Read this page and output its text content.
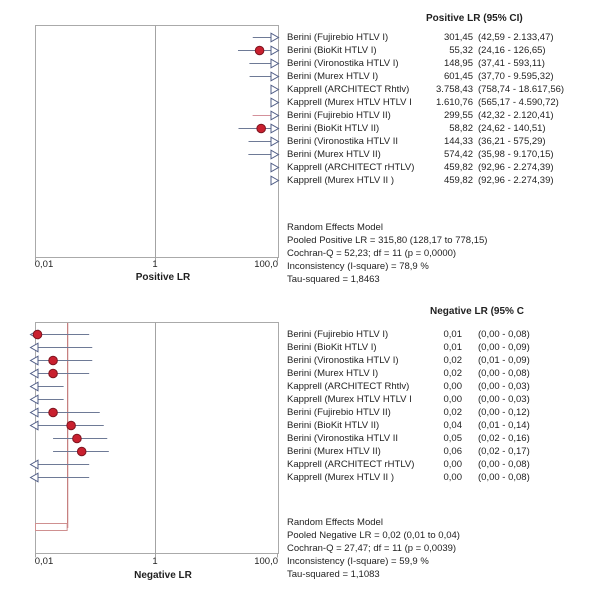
Positive LR (95% CI)
Berini (Fujirebio HTLV I)	301,45 (42,59 - 2.133,47)
Berini (BioKit HTLV I)	55,32 (24,16 - 126,65)
Berini (Vironostika HTLV I)	148,95 (37,41 - 593,11)
Berini (Murex HTLV I)	601,45 (37,70 - 9.595,32)
Kapprell (ARCHITECT Rhtlv)	3.758,43 (758,74 - 18.617,56)
Kapprell (Murex HTLV HTLV I	1.610,76 (565,17 - 4.590,72)
Berini (Fujirebio HTLV II)	299,55 (42,32 - 2.120,41)
Berini (BioKit HTLV II)	58,82 (24,62 - 140,51)
Berini (Vironostika HTLV II	144,33 (36,21 - 575,29)
Berini (Murex HTLV II)	574,42 (35,98 - 9.170,15)
Kapprell (ARCHITECT rHTLV)	459,82 (92,96 - 2.274,39)
Kapprell (Murex HTLV II )	459,82 (92,96 - 2.274,39)
Random Effects Model
Pooled Positive LR = 315,80 (128,17 to 778,15)
Cochran-Q = 52,23; df = 11 (p = 0,0000)
Inconsistency (I-square) = 78,9 %
Tau-squared = 1,8463
0,01	1	100,0
Positive LR
Negative LR (95% C
Berini (Fujirebio HTLV I)	0,01 (0,00 - 0,08)
Berini (BioKit HTLV I)	0,01 (0,00 - 0,09)
Berini (Vironostika HTLV I)	0,02 (0,01 - 0,09)
Berini (Murex HTLV I)	0,02 (0,00 - 0,08)
Kapprell (ARCHITECT Rhtlv)	0,00 (0,00 - 0,03)
Kapprell (Murex HTLV HTLV I	0,00 (0,00 - 0,03)
Berini (Fujirebio HTLV II)	0,02 (0,00 - 0,12)
Berini (BioKit HTLV II)	0,04 (0,01 - 0,14)
Berini (Vironostika HTLV II	0,05 (0,02 - 0,16)
Berini (Murex HTLV II)	0,06 (0,02 - 0,17)
Kapprell (ARCHITECT rHTLV)	0,00 (0,00 - 0,08)
Kapprell (Murex HTLV II )	0,00 (0,00 - 0,08)
Random Effects Model
Pooled Negative LR = 0,02 (0,01 to 0,04)
Cochran-Q = 27,47; df = 11 (p = 0,0039)
Inconsistency (I-square) = 59,9 %
Tau-squared = 1,1083
0,01	1	100,0
Negative LR
